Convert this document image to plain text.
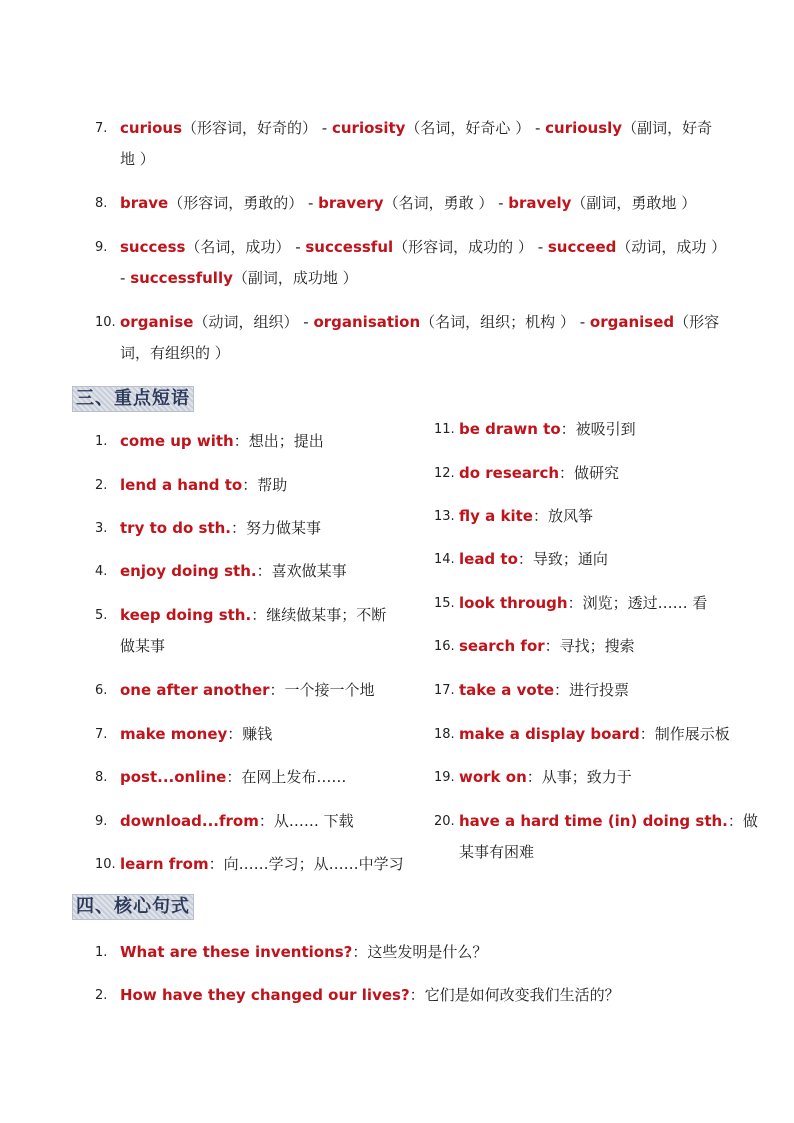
7. curious（形容词，好奇的） - curiosity（名词，好奇心 ） - curiously（副词，好奇
地 ）
8. brave（形容词，勇敢的） - bravery（名词，勇敢 ） - bravely（副词，勇敢地 ）
9. success（名词，成功） - successful（形容词，成功的 ） - succeed（动词，成功 ）
- successfully（副词，成功地 ）
10. organise（动词，组织） - organisation（名词，组织；机构 ） - organised（形容
词，有组织的 ）
三、重点短语
1. come up with：想出；提出
2. lend a hand to：帮助
3. try to do sth.：努力做某事
4. enjoy doing sth.：喜欢做某事
5. keep doing sth.：继续做某事；不断
做某事
6. one after another：一个接一个地
7. make money：赚钱
8. post...online：在网上发布……
9. download...from：从…… 下载
10. learn from：向……学习；从……中学习
11. be drawn to：被吸引到
12. do research：做研究
13. fly a kite：放风筝
14. lead to：导致；通向
15. look through：浏览；透过…… 看
16. search for：寻找；搜索
17. take a vote：进行投票
18. make a display board：制作展示板
19. work on：从事；致力于
20. have a hard time (in) doing sth.：做
某事有困难
四、核心句式
1. What are these inventions?：这些发明是什么？
2. How have they changed our lives?：它们是如何改变我们生活的？
